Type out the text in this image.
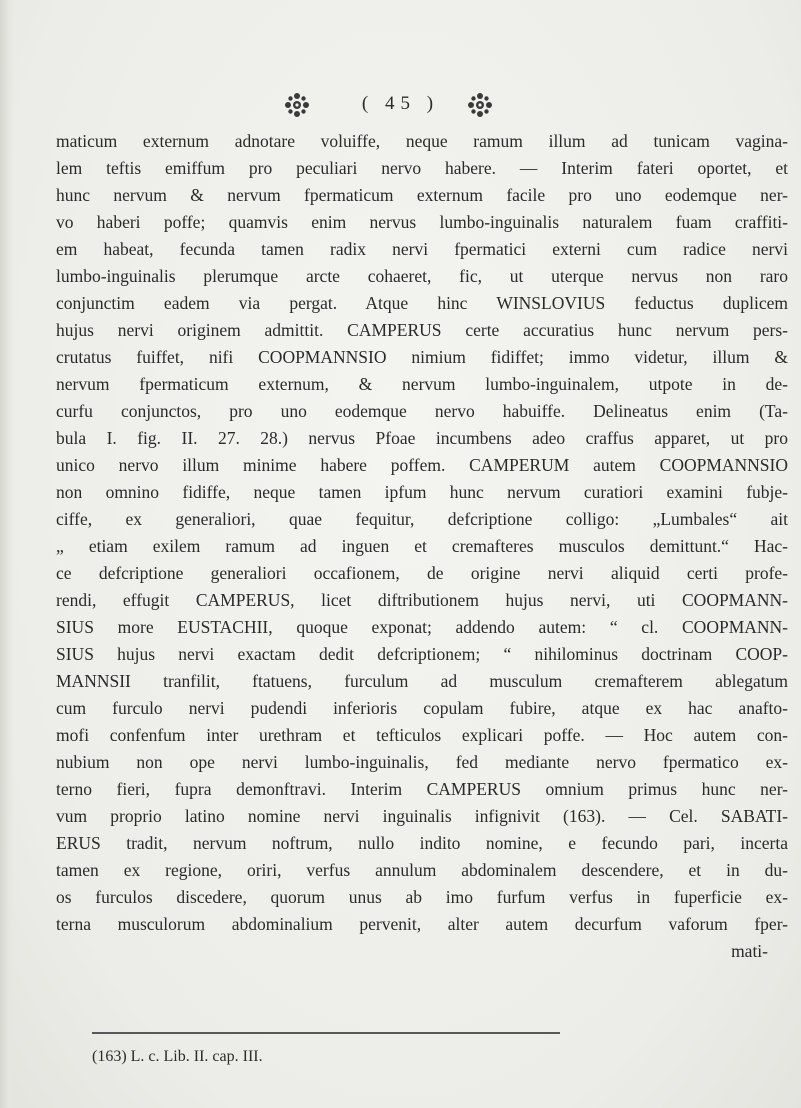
( 45 )
maticum externum adnotare voluiffe, neque ramum illum ad tunicam vagina-
lem teftis emiffum pro peculiari nervo habere. — Interim fateri oportet, et
hunc nervum & nervum fpermaticum externum facile pro uno eodemque ner-
vo haberi poffe; quamvis enim nervus lumbo-inguinalis naturalem fuam craffiti-
em habeat, fecunda tamen radix nervi fpermatici externi cum radice nervi
lumbo-inguinalis plerumque arcte cohaeret, fic, ut uterque nervus non raro
conjunctim eadem via pergat. Atque hinc WINSLOVIUS feductus duplicem
hujus nervi originem admittit. CAMPERUS certe accuratius hunc nervum pers-
crutatus fuiffet, nifi COOPMANNSIO nimium fidiffet; immo videtur, illum &
nervum fpermaticum externum, & nervum lumbo-inguinalem, utpote in de-
curfu conjunctos, pro uno eodemque nervo habuiffe. Delineatus enim (Ta-
bula I. fig. II. 27. 28.) nervus Pfoae incumbens adeo craffus apparet, ut pro
unico nervo illum minime habere poffem. CAMPERUM autem COOPMANNSIO
non omnino fidiffe, neque tamen ipfum hunc nervum curatiori examini fubje-
ciffe, ex generaliori, quae fequitur, defcriptione colligo: „Lumbales“ ait
„ etiam exilem ramum ad inguen et cremafteres musculos demittunt.“ Hac-
ce defcriptione generaliori occafionem, de origine nervi aliquid certi profe-
rendi, effugit CAMPERUS, licet diftributionem hujus nervi, uti COOPMANN-
SIUS more EUSTACHII, quoque exponat; addendo autem: “ cl. COOPMANN-
SIUS hujus nervi exactam dedit defcriptionem; “ nihilominus doctrinam COOP-
MANNSII tranfilit, ftatuens, furculum ad musculum cremafterem ablegatum
cum furculo nervi pudendi inferioris copulam fubire, atque ex hac anafto-
mofi confenfum inter urethram et tefticulos explicari poffe. — Hoc autem con-
nubium non ope nervi lumbo-inguinalis, fed mediante nervo fpermatico ex-
terno fieri, fupra demonftravi. Interim CAMPERUS omnium primus hunc ner-
vum proprio latino nomine nervi inguinalis infignivit (163). — Cel. SABATI-
ERUS tradit, nervum noftrum, nullo indito nomine, e fecundo pari, incerta
tamen ex regione, oriri, verfus annulum abdominalem descendere, et in du-
os furculos discedere, quorum unus ab imo furfum verfus in fuperficie ex-
terna musculorum abdominalium pervenit, alter autem decurfum vaforum fper-
mati-
(163) L. c. Lib. II. cap. III.
